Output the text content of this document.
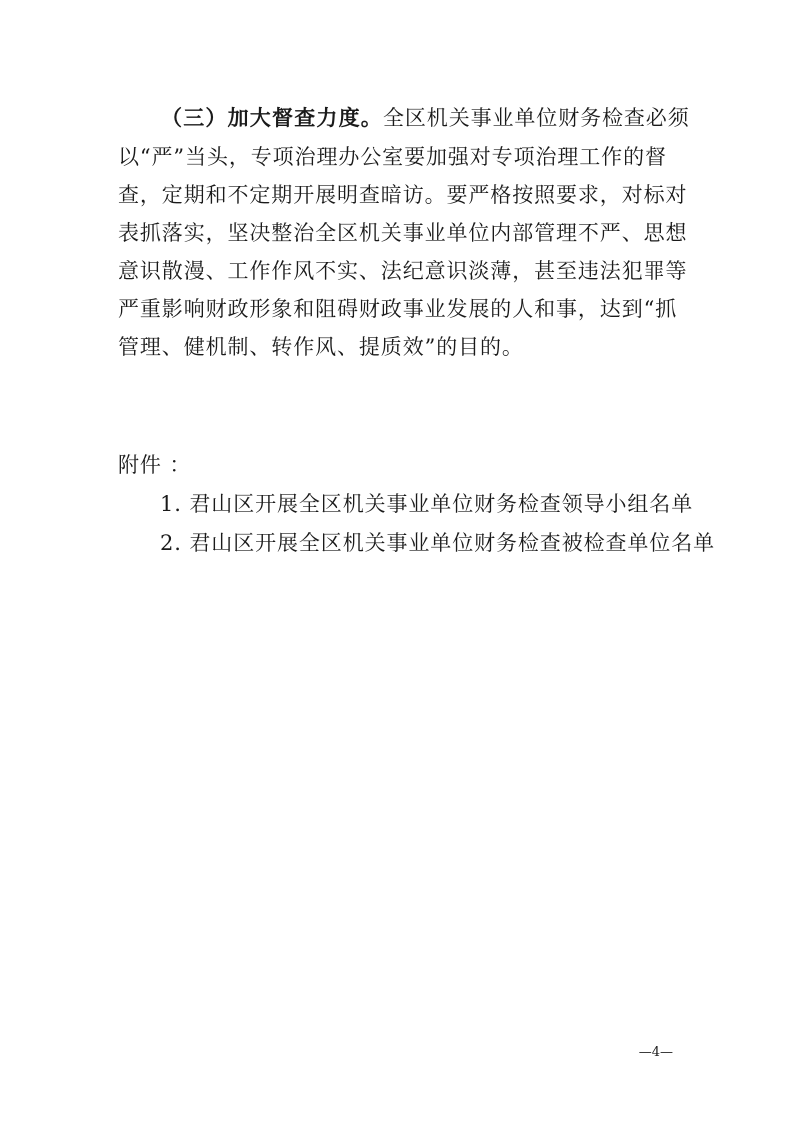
（三）加大督查力度。全区机关事业单位财务检查必须
以“严”当头，专项治理办公室要加强对专项治理工作的督
查，定期和不定期开展明查暗访。要严格按照要求，对标对
表抓落实，坚决整治全区机关事业单位内部管理不严、思想
意识散漫、工作作风不实、法纪意识淡薄，甚至违法犯罪等
严重影响财政形象和阻碍财政事业发展的人和事，达到“抓
管理、健机制、转作风、提质效”的目的。
附件 ：
1. 君山区开展全区机关事业单位财务检查领导小组名单
2. 君山区开展全区机关事业单位财务检查被检查单位名单
—4—
